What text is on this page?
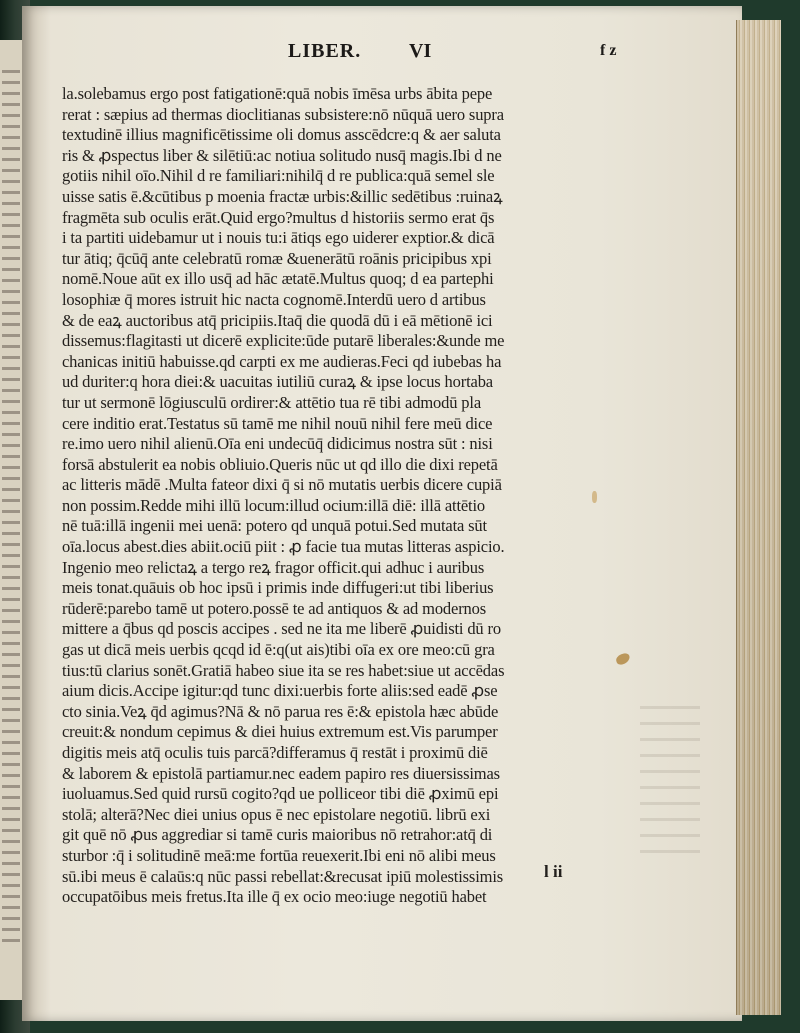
LIBER. VI	f z
la.solebamus ergo post fatigationē:quā nobis īmēsa urbs ābita pepe
rerat : sæpius ad thermas dioclitianas subsistere:nō nūquā uero supra
textudinē illius magnificētissime oli domus asscēdcre:q & aer saluta
ris & ꝓspectus liber & silētiū:ac notiua solitudo nusq̄ magis.Ibi d ne
gotiis nihil oīo.Nihil d re familiari:nihilq̄ d re publica:quā semel sle
uisse satis ē.&cūtibus p moenia fractæ urbis:&illic sedētibus :ruinaꝝ
fragmēta sub oculis erāt.Quid ergo?multus d historiis sermo erat q̄s
i ta partiti uidebamur ut i nouis tu:i ātiqs ego uiderer exptior.& dicā
tur ātiq; q̄cūq̄ ante celebratū romæ &uenerātū roānis pricipibus xpi
nomē.Noue aūt ex illo usq̄ ad hāc ætatē.Multus quoq; d ea partephi
losophiæ q̄ mores istruit hic nacta cognomē.Interdū uero d artibus
& de eaꝝ auctoribus atq̄ pricipiis.Itaq̄ die quodā dū i eā mētionē ici
dissemus:flagitasti ut dicerē explicite:ūde putarē liberales:&unde me
chanicas initiū habuisse.qd carpti ex me audieras.Feci qd iubebas ha
ud duriter:q hora diei:& uacuitas iutiliū curaꝝ & ipse locus hortaba
tur ut sermonē lōgiusculū ordirer:& attētio tua rē tibi admodū pla
cere inditio erat.Testatus sū tamē me nihil nouū nihil fere meū dice
re.imo uero nihil alienū.Oīa eni undecūq̄ didicimus nostra sūt : nisi
forsā abstulerit ea nobis obliuio.Queris nūc ut qd illo die dixi repetā
ac litteris mādē .Multa fateor dixi q̄ si nō mutatis uerbis dicere cupiā
non possim.Redde mihi illū locum:illud ocium:illā diē: illā attētio
nē tuā:illā ingenii mei uenā: potero qd unquā potui.Sed mutata sūt
oīa.locus abest.dies abiit.ociū piit : ꝓ facie tua mutas litteras aspicio.
Ingenio meo relictaꝝ a tergo reꝝ fragor officit.qui adhuc i auribus
meis tonat.quāuis ob hoc ipsū i primis inde diffugeri:ut tibi liberius
rūderē:parebo tamē ut potero.possē te ad antiquos & ad modernos
mittere a q̄bus qd poscis accipes . sed ne ita me liberē ꝓuidisti dū ro
gas ut dicā meis uerbis qcqd id ē:q(ut ais)tibi oīa ex ore meo:cū gra
tius:tū clarius sonēt.Gratiā habeo siue ita se res habet:siue ut accēdas
aium dicis.Accipe igitur:qd tunc dixi:uerbis forte aliis:sed eadē ꝓse
cto sinia.Veꝝ q̄d agimus?Nā & nō parua res ē:& epistola hæc abūde
creuit:& nondum cepimus & diei huius extremum est.Vis parumper
digitis meis atq̄ oculis tuis parcā?differamus q̄ restāt i proximū diē
& laborem & epistolā partiamur.nec eadem papiro res diuersissimas
iuoluamus.Sed quid rursū cogito?qd ue polliceor tibi diē ꝓximū epi
stolā; alterā?Nec diei unius opus ē nec epistolare negotiū. librū exi
git quē nō ꝓus aggrediar si tamē curis maioribus nō retrahor:atq̄ di
sturbor :q̄ i solitudinē meā:me fortūa reuexerit.Ibi eni nō alibi meus
sū.ibi meus ē calaūs:q nūc passi rebellat:&recusat ipiū molestissimis
occupatōibus meis fretus.Ita ille q̄ ex ocio meo:iuge negotiū habet
l ii
